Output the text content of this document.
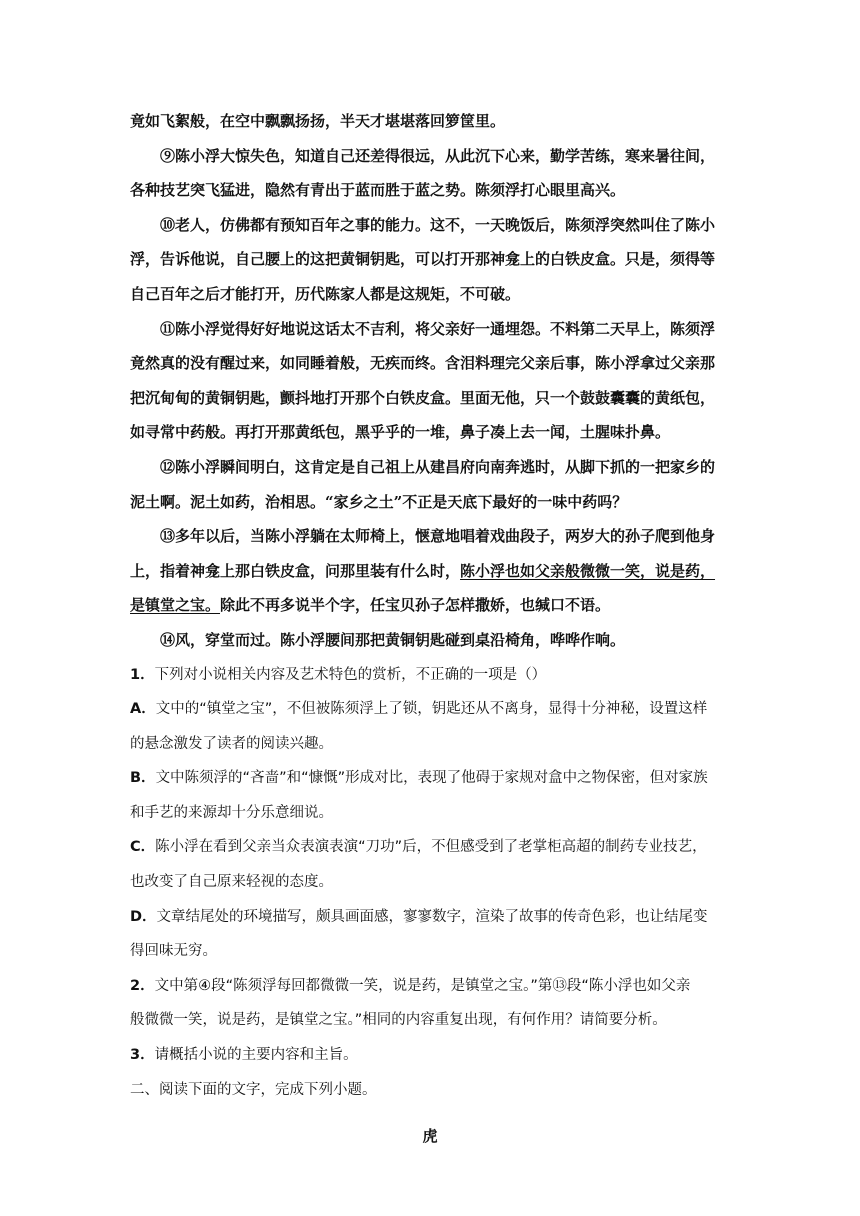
竟如飞絮般，在空中飘飘扬扬，半天才堪堪落回箩筐里。

⑨陈小浮大惊失色，知道自己还差得很远，从此沉下心来，勤学苦练，寒来暑往间，

各种技艺突飞猛进，隐然有青出于蓝而胜于蓝之势。陈须浮打心眼里高兴。

⑩老人，仿佛都有预知百年之事的能力。这不，一天晚饭后，陈须浮突然叫住了陈小

浮，告诉他说，自己腰上的这把黄铜钥匙，可以打开那神龛上的白铁皮盒。只是，须得等

自己百年之后才能打开，历代陈家人都是这规矩，不可破。

⑪陈小浮觉得好好地说这话太不吉利，将父亲好一通埋怨。不料第二天早上，陈须浮

竟然真的没有醒过来，如同睡着般，无疾而终。含泪料理完父亲后事，陈小浮拿过父亲那

把沉甸甸的黄铜钥匙，颤抖地打开那个白铁皮盒。里面无他，只一个鼓鼓囊囊的黄纸包，

如寻常中药般。再打开那黄纸包，黑乎乎的一堆，鼻子凑上去一闻，土腥味扑鼻。

⑫陈小浮瞬间明白，这肯定是自己祖上从建昌府向南奔逃时，从脚下抓的一把家乡的

泥土啊。泥土如药，治相思。“家乡之土”不正是天底下最好的一味中药吗？

⑬多年以后，当陈小浮躺在太师椅上，惬意地唱着戏曲段子，两岁大的孙子爬到他身

上，指着神龛上那白铁皮盒，问那里装有什么时，陈小浮也如父亲般微微一笑，说是药，

是镇堂之宝。除此不再多说半个字，任宝贝孙子怎样撒娇，也缄口不语。

⑭风，穿堂而过。陈小浮腰间那把黄铜钥匙碰到桌沿椅角，哗哗作响。

1．下列对小说相关内容及艺术特色的赏析，不正确的一项是（）

A．文中的“镇堂之宝”，不但被陈须浮上了锁，钥匙还从不离身，显得十分神秘，设置这样

的悬念激发了读者的阅读兴趣。

B．文中陈须浮的“吝啬”和“慷慨”形成对比，表现了他碍于家规对盒中之物保密，但对家族

和手艺的来源却十分乐意细说。

C．陈小浮在看到父亲当众表演表演“刀功”后，不但感受到了老掌柜高超的制药专业技艺，

也改变了自己原来轻视的态度。

D．文章结尾处的环境描写，颇具画面感，寥寥数字，渲染了故事的传奇色彩，也让结尾变

得回味无穷。

2．文中第④段“陈须浮每回都微微一笑，说是药，是镇堂之宝。”第⑬段“陈小浮也如父亲

般微微一笑，说是药，是镇堂之宝。”相同的内容重复出现，有何作用？请简要分析。

3．请概括小说的主要内容和主旨。

二、阅读下面的文字，完成下列小题。

虎
